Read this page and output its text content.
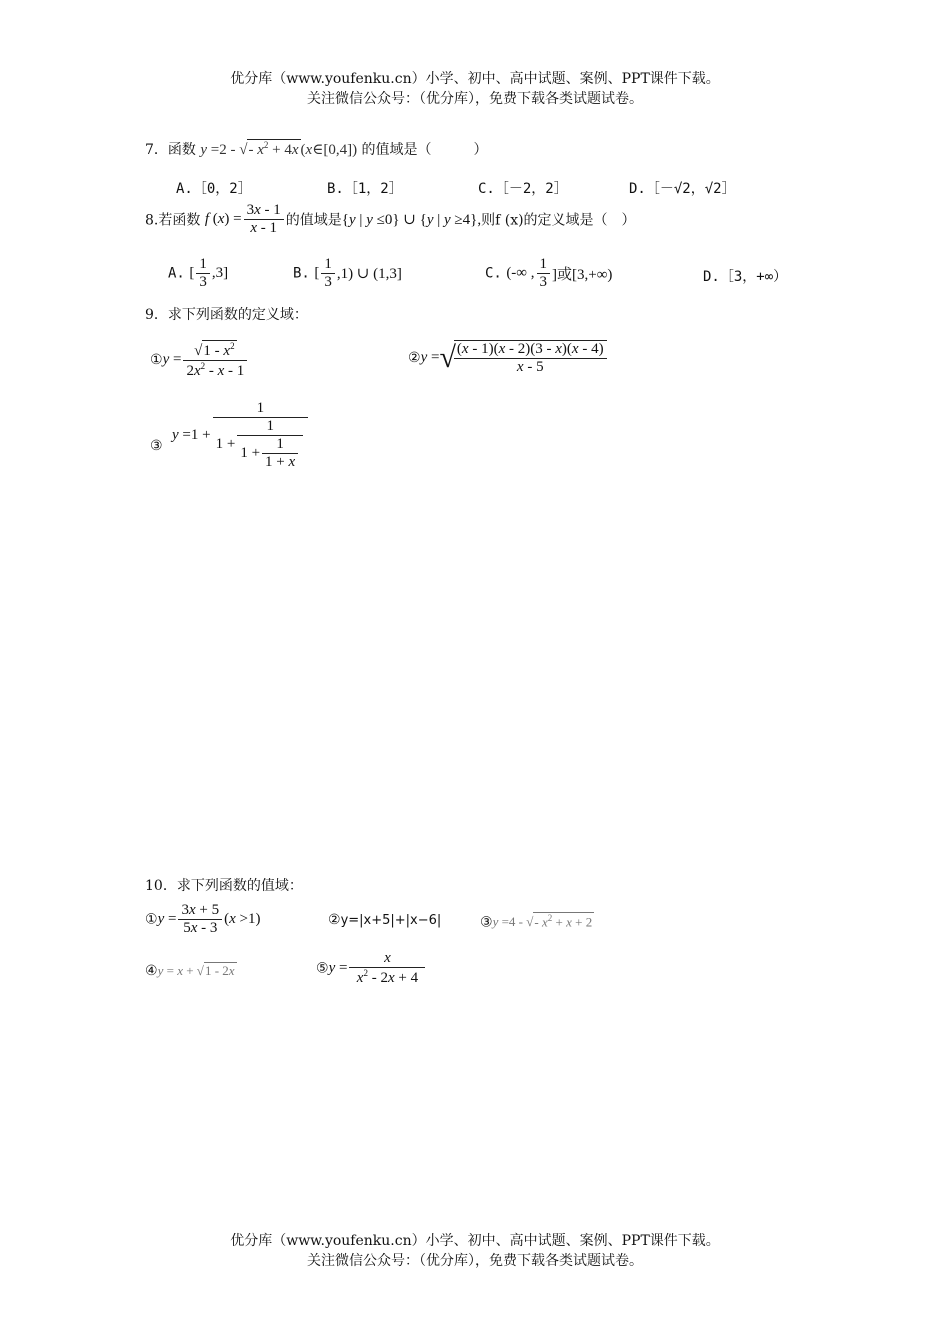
优分库（www.youfenku.cn）小学、初中、高中试题、案例、PPT课件下载。
关注微信公众号：（优分库），免费下载各类试题试卷。
7．函数 y =2 - √- $x^2 + 4x$ (x∈[0,4]) 的值域是（　　　）
A.［0，2］	B.［1，2］	C.［－2，2］	D.［－√2，√2］
8.若函数 f $(x) = \frac{3x - 1}{x - 1}$ 的值域是{y | y ≤0} ∪ {y | y ≥4},则f (x)的定义域是（　）
A. [ $\frac{1}{3} ,3$]	B. [ $\frac{1}{3} ,1$) ∪ (1,3]	C. (-∞ , $\frac{1}{3}$ ]或[3,+∞)	D.［3，+∞）
9．求下列函数的定义域：
①y = $\frac{√1 - x^2}{2x^2 - x - 1}$	②y =√
$\frac{(x - 1)(x - 2)(3 - x)(x - 4)}{x - 5}$
③
$y =1 + \frac{1}{1 + \frac{1}{1 + \frac{1}{1 + x}}}$
10．求下列函数的值域：
①y = $\frac{3x + 5}{5x - 3} (x >1)$	②y=|x+5|+|x−6|	③y =4 - √- $x^2 + x + 2$
④y = x + √1 - 2x	⑤y = $\frac{x}{x^2 - 2x + 4}$
优分库（www.youfenku.cn）小学、初中、高中试题、案例、PPT课件下载。
关注微信公众号：（优分库），免费下载各类试题试卷。
